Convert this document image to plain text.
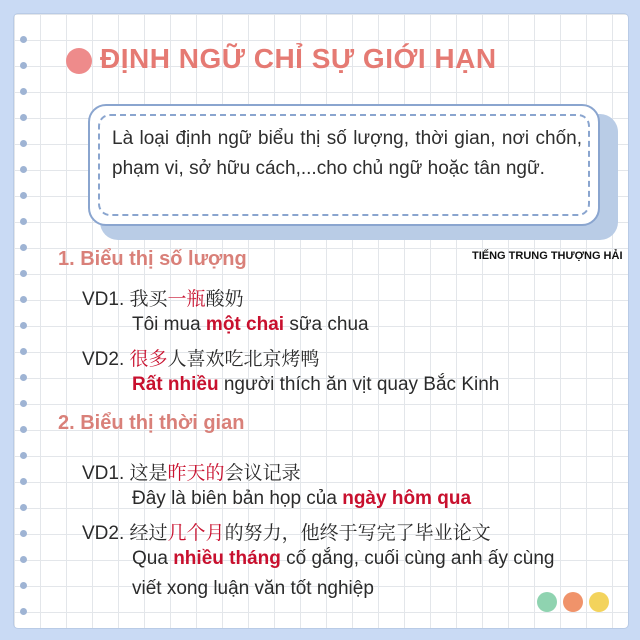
ĐỊNH NGỮ CHỈ SỰ GIỚI HẠN
Là loại định ngữ biểu thị số lượng, thời gian, nơi chốn, phạm vi, sở hữu cách,...cho chủ ngữ hoặc tân ngữ.
1. Biểu thị số lượng	TIẾNG TRUNG THƯỢNG HẢI
VD1. 我买一瓶酸奶
Tôi mua một chai sữa chua
VD2. 很多人喜欢吃北京烤鸭
Rất nhiều người thích ăn vịt quay Bắc Kinh
2. Biểu thị thời gian
VD1. 这是昨天的会议记录
Đây là biên bản họp của ngày hôm qua
VD2. 经过几个月的努力，他终于写完了毕业论文
Qua nhiều tháng cố gắng, cuối cùng anh ấy cùng
viết xong luận văn tốt nghiệp
